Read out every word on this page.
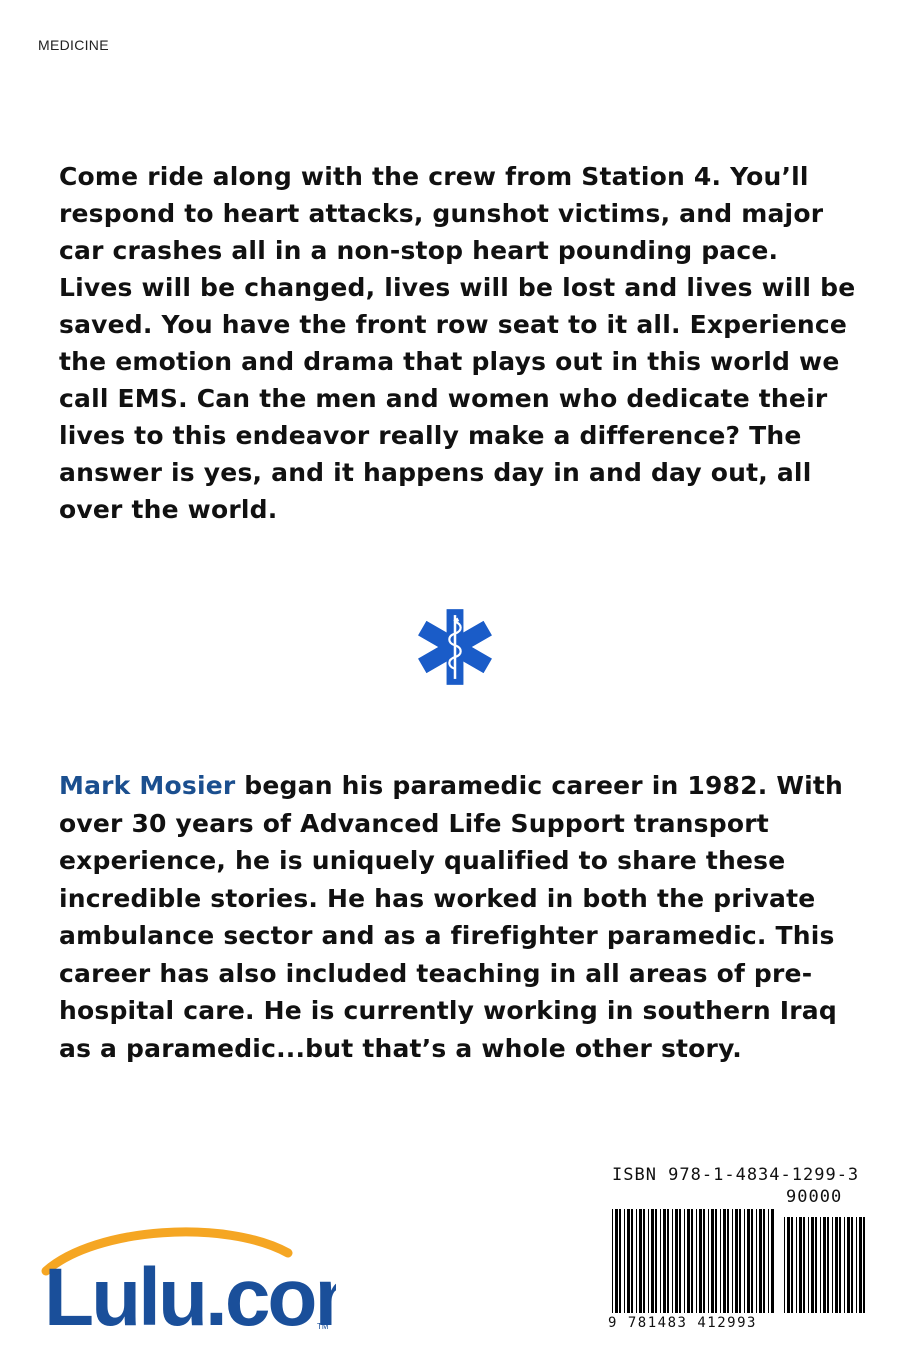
MEDICINE

Come ride along with the crew from Station 4. You’ll respond to heart attacks, gunshot victims, and major car crashes all in a non-stop heart pounding pace. Lives will be changed, lives will be lost and lives will be saved. You have the front row seat to it all. Experience the emotion and drama that plays out in this world we call EMS. Can the men and women who dedicate their lives to this endeavor really make a difference? The answer is yes, and it happens day in and day out, all over the world.

Mark Mosier began his paramedic career in 1982. With over 30 years of Advanced Life Support transport experience, he is uniquely qualified to share these incredible stories. He has worked in both the private ambulance sector and as a firefighter paramedic. This career has also included teaching in all areas of pre-hospital care. He is currently working in southern Iraq as a paramedic...but that’s a whole other story.

Lulu.co TM
ISBN 978-1-4834-1299-3
90000
9 781483 412993
